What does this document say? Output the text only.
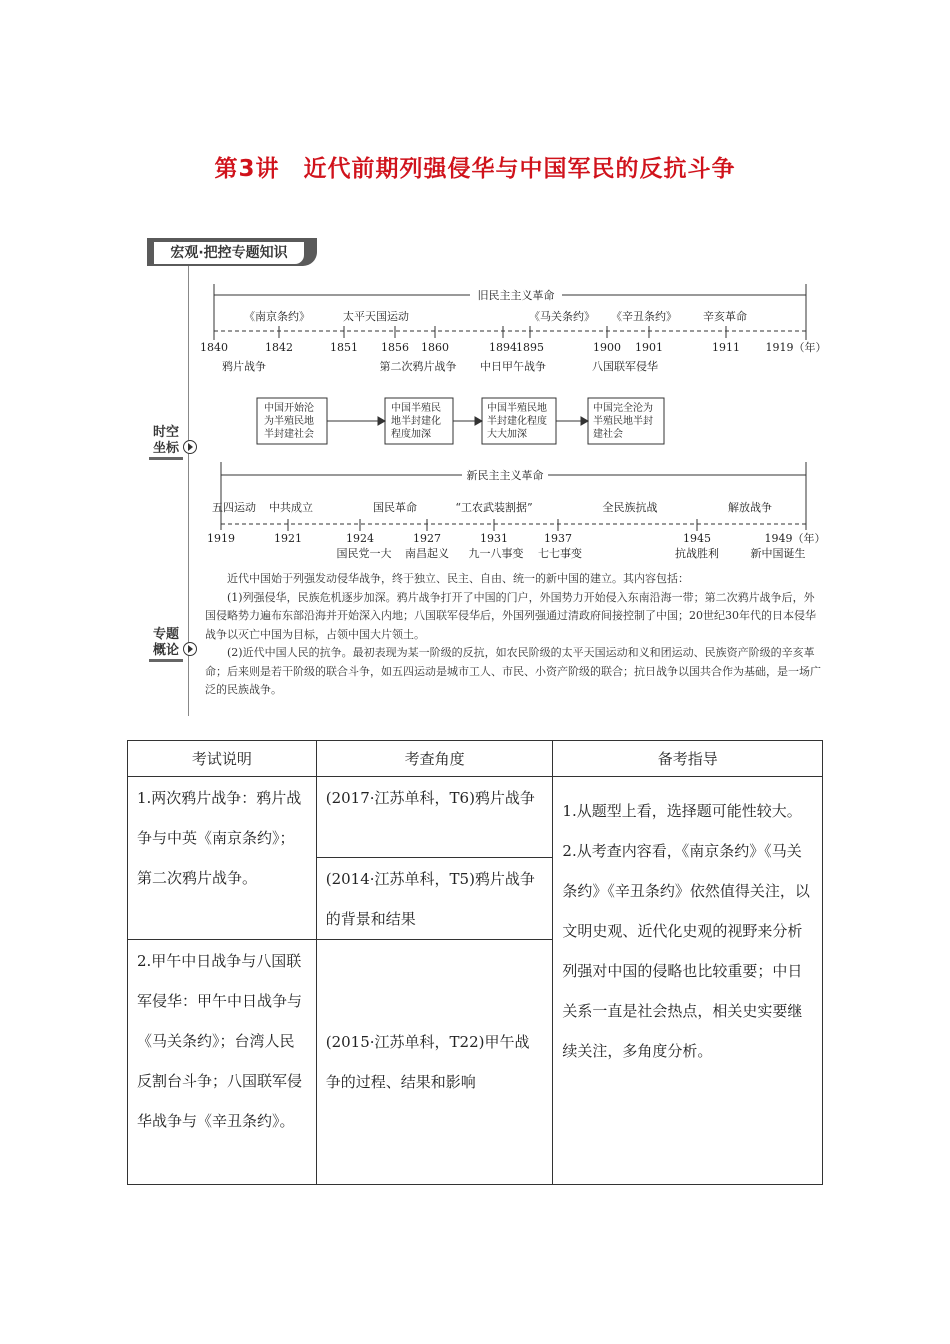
第3讲　近代前期列强侵华与中国军民的反抗斗争
宏观·把控专题知识
时空
坐标
专题
概论
旧民主主义革命
《南京条约》	太平天国运动	《马关条约》 《辛丑条约》 辛亥革命
1840	1842	1851 1856 1860	1894 1895	1900 1901	1911 1919（年）
鸦片战争	第二次鸦片战争 中日甲午战争	八国联军侵华
中国开始沦
为半殖民地
半封建社会
中国半殖民
地半封建化
程度加深
中国半殖民地
半封建化程度
大大加深
中国完全沦为
半殖民地半封
建社会
新民主主义革命
五四运动 中共成立	国民革命	“工农武装割据”	全民族抗战	解放战争
1919	1921	1924	1927	1931	1937	1945	1949（年）
国民党一大 南昌起义 九一八事变 七七事变	抗战胜利	新中国诞生

近代中国始于列强发动侵华战争，终于独立、民主、自由、统一的新中国的建立。其内容包括：

(1)列强侵华，民族危机逐步加深。鸦片战争打开了中国的门户，外国势力开始侵入东南沿海一带；第二次鸦片战争后，外国侵略势力遍布东部沿海并开始深入内地；八国联军侵华后，外国列强通过清政府间接控制了中国；20世纪30年代的日本侵华战争以灭亡中国为目标，占领中国大片领土。

(2)近代中国人民的抗争。最初表现为某一阶级的反抗，如农民阶级的太平天国运动和义和团运动、民族资产阶级的辛亥革命；后来则是若干阶级的联合斗争，如五四运动是城市工人、市民、小资产阶级的联合；抗日战争以国共合作为基础，是一场广泛的民族战争。

考试说明	考查角度	备考指导

1.两次鸦片战争：鸦片战争与中英《南京条约》；第二次鸦片战争。	(2017·江苏单科，T6)鸦片战争	1.从题型上看，选择题可能性较大。
2.从考查内容看，《南京条约》《马关条约》《辛丑条约》依然值得关注，以文明史观、近代化史观的视野来分析列强对中国的侵略也比较重要；中日关系一直是社会热点，相关史实要继续关注，多角度分析。

	(2014·江苏单科，T5)鸦片战争的背景和结果	

2.甲午中日战争与八国联军侵华：甲午中日战争与《马关条约》；台湾人民反割台斗争；八国联军侵华战争与《辛丑条约》。	(2015·江苏单科，T22)甲午战争的过程、结果和影响	
